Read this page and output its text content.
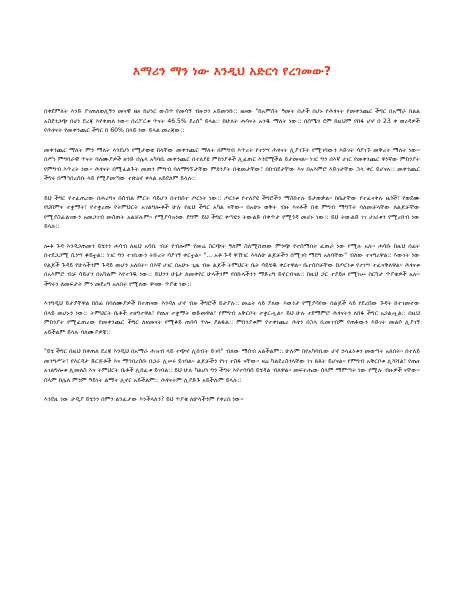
እማሪን ማን ነው እንዲህ አድርጎ የረገመው?

በቀደምለት እንድ ያገጠለወሊኝን መናዊ ዜና ከሆነር ውስጥ የመሳኝ ብዙኃን አይመንኩ:: ዜናው "ከአምስት ዓመት በታች በሆኑ የሕፃናት የመቀንጨር ችግር በአማራ ክልል አስደንጋጭ በሆነ ደረጃ እየቀጠለ ነው። በሪፖርቱ ጥናት 46.5% ደረሰ" ይላል:: ከሁለት ሐሳናት አንዱ ማለት ነው:: በሰሜን ደም ከዚህም የከፋ ሆኖ በ 23 ቀ ወረዳዎች የሕፃናት የመቀንጨር ችግር ከ 60% በላይ ነው ይላል መረጃው::

መቀንጨር ማለት ምን ማለት እንደሆነ የሚታወቁ ከላቸው መቀንጨር ማለት በምግብ እጥረት የተነሣ ሕፃናት ሊያገኙት የሚገባውን እድገት ሳያገኙ መቅረት ማለት ነው። በሥነ ምግባራዊ ጥናት ባለሙያዎች ዘንድ በሌላ አካባቢ መቀንጨር በተለያዩ ምክንያቶች ሊፈጠር እንደሚችል ይታመናል። ነገር ግን በእኛ ሀገር የመቀንጨር ዋነኛው ምክንያት የምግብ እጥረት ነው። ሕፃናት በሚፈልጉት መጠን ምግብ ባለማግኘታቸው ምክንያት በቁመታቸው፣ በክብደታቸው እና በአእምሮ እድገታቸው ኋላ ቀር ይሆናሉ:: መቀንጨር ችግሩ በማኅበረሰቡ ላይ የሚያመጣው ተጽዕኖ ቀላል አይደለም ይላሉ::

ይህ ችግር የተፈጠረው በሐረግና በሰብል ምርት ሳይሆን በተከሰተ ጦርነት ነው:: ጦርነቱ የተለያዩ ችግሮችን ማስከተሉ ይታወቃል። ከቤታቸው የተፈናቀሉ ዜጎች፣ የወደሙ የህክምና ተቋማት፣ የተቋረጡ የትምህርት አገልግሎቶች ሁሉ የዚህ ችግር አካል ናቸው። በአሁኑ ወቅት ብዙ እናቶች በቂ ምግብ ማግኘት ባለመቻላቸው ለልጆቻቸው የሚያስፈልገውን አመጋገብ መስጠት አልቻሉም። የሚያሳዝነው ደግሞ ይህ ችግር ቀጣዩን ትውልድ በቀጥታ የሚጎዳ መሆኑ ነው:: ይህ ትውልድ ነገ ሀገሪቱን የሚረከብ ነው ይላሉ::

ሎቶ ጉዳ እንዳጋጠመን ይሄንን ሐሳብ ለዚህ አሳቢ ብቻ የብሎም የመሬ ስርጭት ዓለም ስለሚሸጠው ምንጭ የተሰማበት ፈጠራ ነው የሚሉ አሉ። ሐሳቡ ከዚህ በፊት በተደጋጋሚ ሲነሣ ቆይቷል:: ነገር ግን ተገቢውን ትኩረት ሳያገኝ ቀርቷል። "... አቶ ጉዳ ዋኸገር እላለሁ ልጆቻችን በሚገባ ማደግ አለባቸው" ብለው ተናግረዋል:: እውነት ነው የልጆች ጉዳይ የሁላችንም ጉዳይ መሆን አለበት። በእኛ ሀገር በአሁኑ ጊዜ ብዙ ልጆች ትምህርት ቤት ሳይሄዱ ቀርተዋል። ቤተሰቦቻቸው ከጦርነቱ የተነሣ ተፈናቅለዋል። ሕፃናቱ በአእምሮ ብቻ ሳይሆን በአካልም እየተጎዱ ነው:: ይህንን ሁኔታ ለመቀየር ሁላችንም የበኩላችንን ማድረግ ይኖርብናል:: ከዚህ ጋር ተያይዞ የሚነሡ በርካታ ጥያቄዎች አሉ። ችግሩን ለመፍታት ምን መደረግ አለበት የሚለው ዋናው ጥያቄ ነው::

እንግዲህ ይታያቸዋል ከሰፊ በባለሙያዎች ከተጠናው እንዳለ ሆኖ ብዙ ችግሮች ይታያሉ:: መሬት ላይ ያለው እውነታ የሚያሳየው በልጆች ላይ የደረሰው ጉዳት ከተገመተው በላይ መሆኑን ነው:: ትምህርት ቤቶች ተዘግተዋል፣ የጤና ተቋማት ወድመዋል፣ የምግብ አቅርቦት ተቋርጧል። ይህ ሁሉ ተደማምሮ ሕፃናትን ለከፋ ችግር አጋልጧል:: በዚህ ምክንያት የሚፈጠረው የመቀንጨር ችግር ለዘመናት የሚቆይ ጠባሳ ጥሎ ያልፋል:: ምክንያቱም የተቀነጨረ ሕፃን በኋላ ቢመገብም የጠፋውን እድገት መልሶ ሊያገኝ አይችልም ይላሉ ባለሙያዎቹ::

"ይሄ ችግር በዚህ ከቀጠለ ደረጃ እንዲህ በአማራ ሕዝብ ላይ ተጭኖ ሊከብት ይገባ" ብለው ማሰብ አልችልም:: ሁሉም በየአካባቢው ሆኖ ኃላፊነቱን መወጣት አለበት። በተለይ መንግሥት፣ የእርዳታ ድርጅቶች እና ማኅበረሰቡ በጋራ ሊሠሩ ይገባል። ልጆቻችን የነገ ተስፋ ናቸው። ዛሬ ካልደረስንላቸው ነገ ጸጸት ይሆናል። የምግብ አቅርቦቱ ሊሻሻል፣ የጤና አገልግሎቱ ሊመለስ እና ትምህርት ቤቶች ሊከፈቱ ይገባል:: ይህ ሁሉ ካልሆነ ግን ችግሩ እየተባባሰ ይሄዳል ብለዋል። መፍትሔው ሰላም ማምጣት ነው የሚሉ ብዙዎች ናቸው። ሰላም ከሌለ ምንም ዓይነት ልማት ሊኖር አይችልም:: ሕፃናትም ሊያድጉ አይችሉም ይላሉ::

እንደዚ ነው ታዲያ ይሄንን በምን ልንፈታው እንችላለን? ይህ ጥያቄ ለሁላችንም የቀረበ ነው።
